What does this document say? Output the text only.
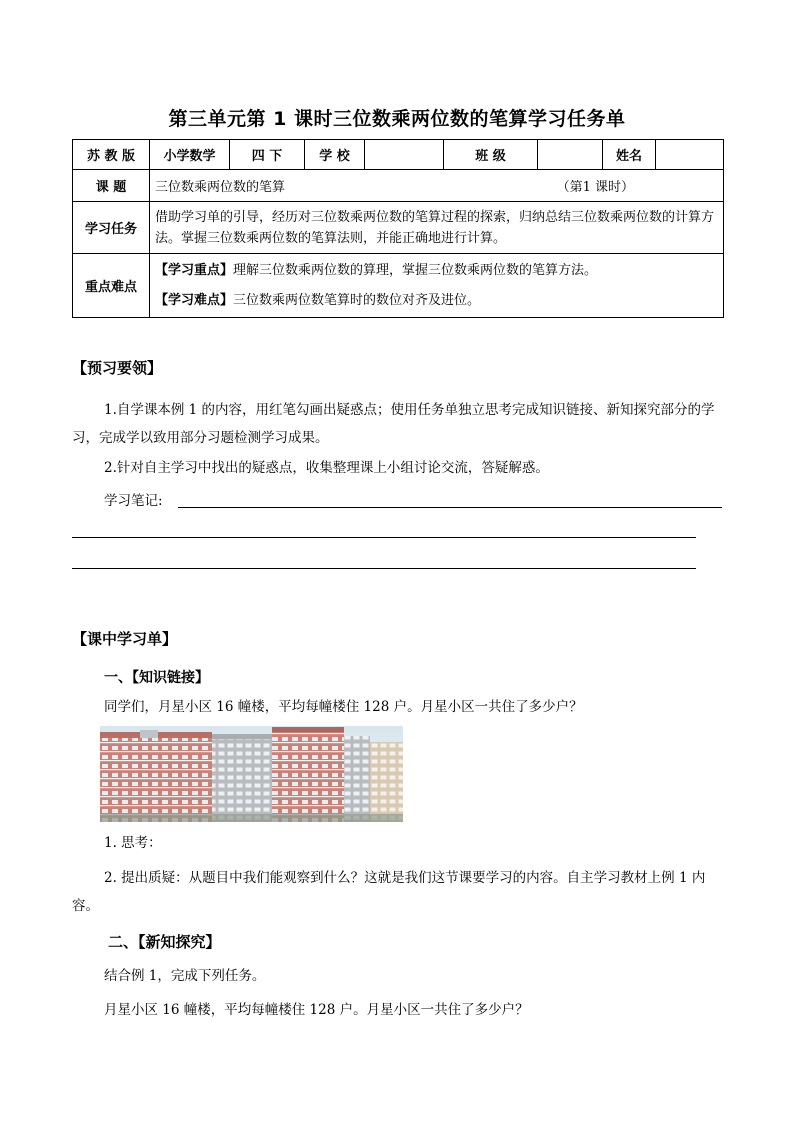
第三单元第 1 课时三位数乘两位数的笔算学习任务单
苏 教 版	小学数学	四 下	学 校		班 级		姓名	
课 题	三位数乘两位数的笔算 （第1 课时）							

学习任务	借助学习单的引导，经历对三位数乘两位数的笔算过程的探索，归纳总结三位数乘两位数的计算方法。掌握三位数乘两位数的笔算法则，并能正确地进行计算。							
重点难点	【学习重点】理解三位数乘两位数的算理，掌握三位数乘两位数的笔算方法。
【学习难点】三位数乘两位数笔算时的数位对齐及进位。							
【预习要领】
1.自学课本例 1 的内容，用红笔勾画出疑惑点；使用任务单独立思考完成知识链接、新知探究部分的学习，完成学以致用部分习题检测学习成果。
2.针对自主学习中找出的疑惑点，收集整理课上小组讨论交流，答疑解惑。
学习笔记:
【课中学习单】
一、【知识链接】
同学们，月星小区 16 幢楼，平均每幢楼住 128 户。月星小区一共住了多少户？
1. 思考：
2. 提出质疑：从题目中我们能观察到什么？这就是我们这节课要学习的内容。自主学习教材上例 1 内容。
二、【新知探究】
结合例 1，完成下列任务。
月星小区 16 幢楼，平均每幢楼住 128 户。月星小区一共住了多少户？
